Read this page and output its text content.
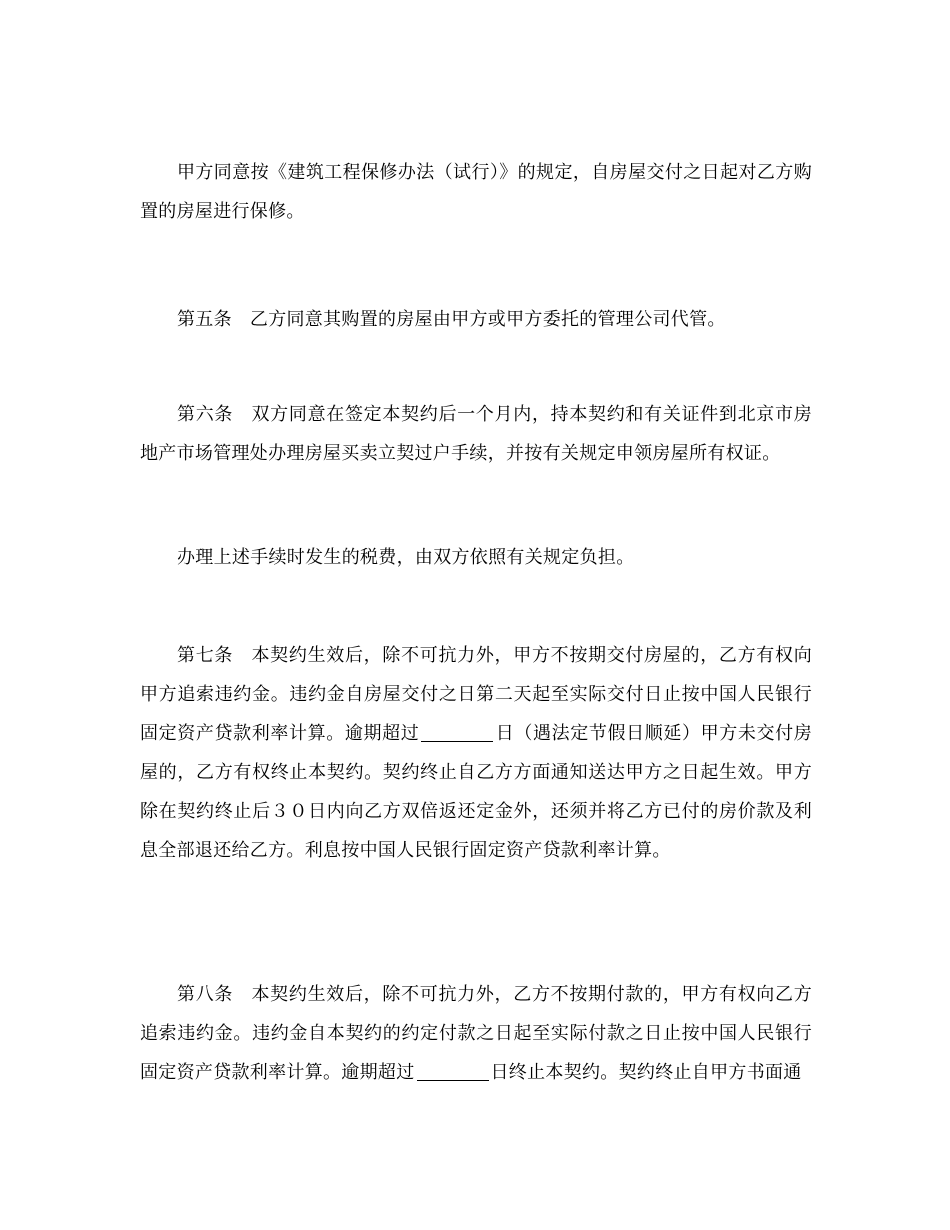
甲方同意按《建筑工程保修办法（试行）》的规定，自房屋交付之日起对乙方购置的房屋进行保修。

第五条 乙方同意其购置的房屋由甲方或甲方委托的管理公司代管。

第六条 双方同意在签定本契约后一个月内，持本契约和有关证件到北京市房地产市场管理处办理房屋买卖立契过户手续，并按有关规定申领房屋所有权证。

办理上述手续时发生的税费，由双方依照有关规定负担。

第七条 本契约生效后，除不可抗力外，甲方不按期交付房屋的，乙方有权向甲方追索违约金。违约金自房屋交付之日第二天起至实际交付日止按中国人民银行固定资产贷款利率计算。逾期超过	日（遇法定节假日顺延）甲方未交付房屋的，乙方有权终止本契约。契约终止自乙方方面通知送达甲方之日起生效。甲方除在契约终止后３０日内向乙方双倍返还定金外，还须并将乙方已付的房价款及利息全部退还给乙方。利息按中国人民银行固定资产贷款利率计算。

第八条 本契约生效后，除不可抗力外，乙方不按期付款的，甲方有权向乙方追索违约金。违约金自本契约的约定付款之日起至实际付款之日止按中国人民银行固定资产贷款利率计算。逾期超过	日终止本契约。契约终止自甲方书面通
